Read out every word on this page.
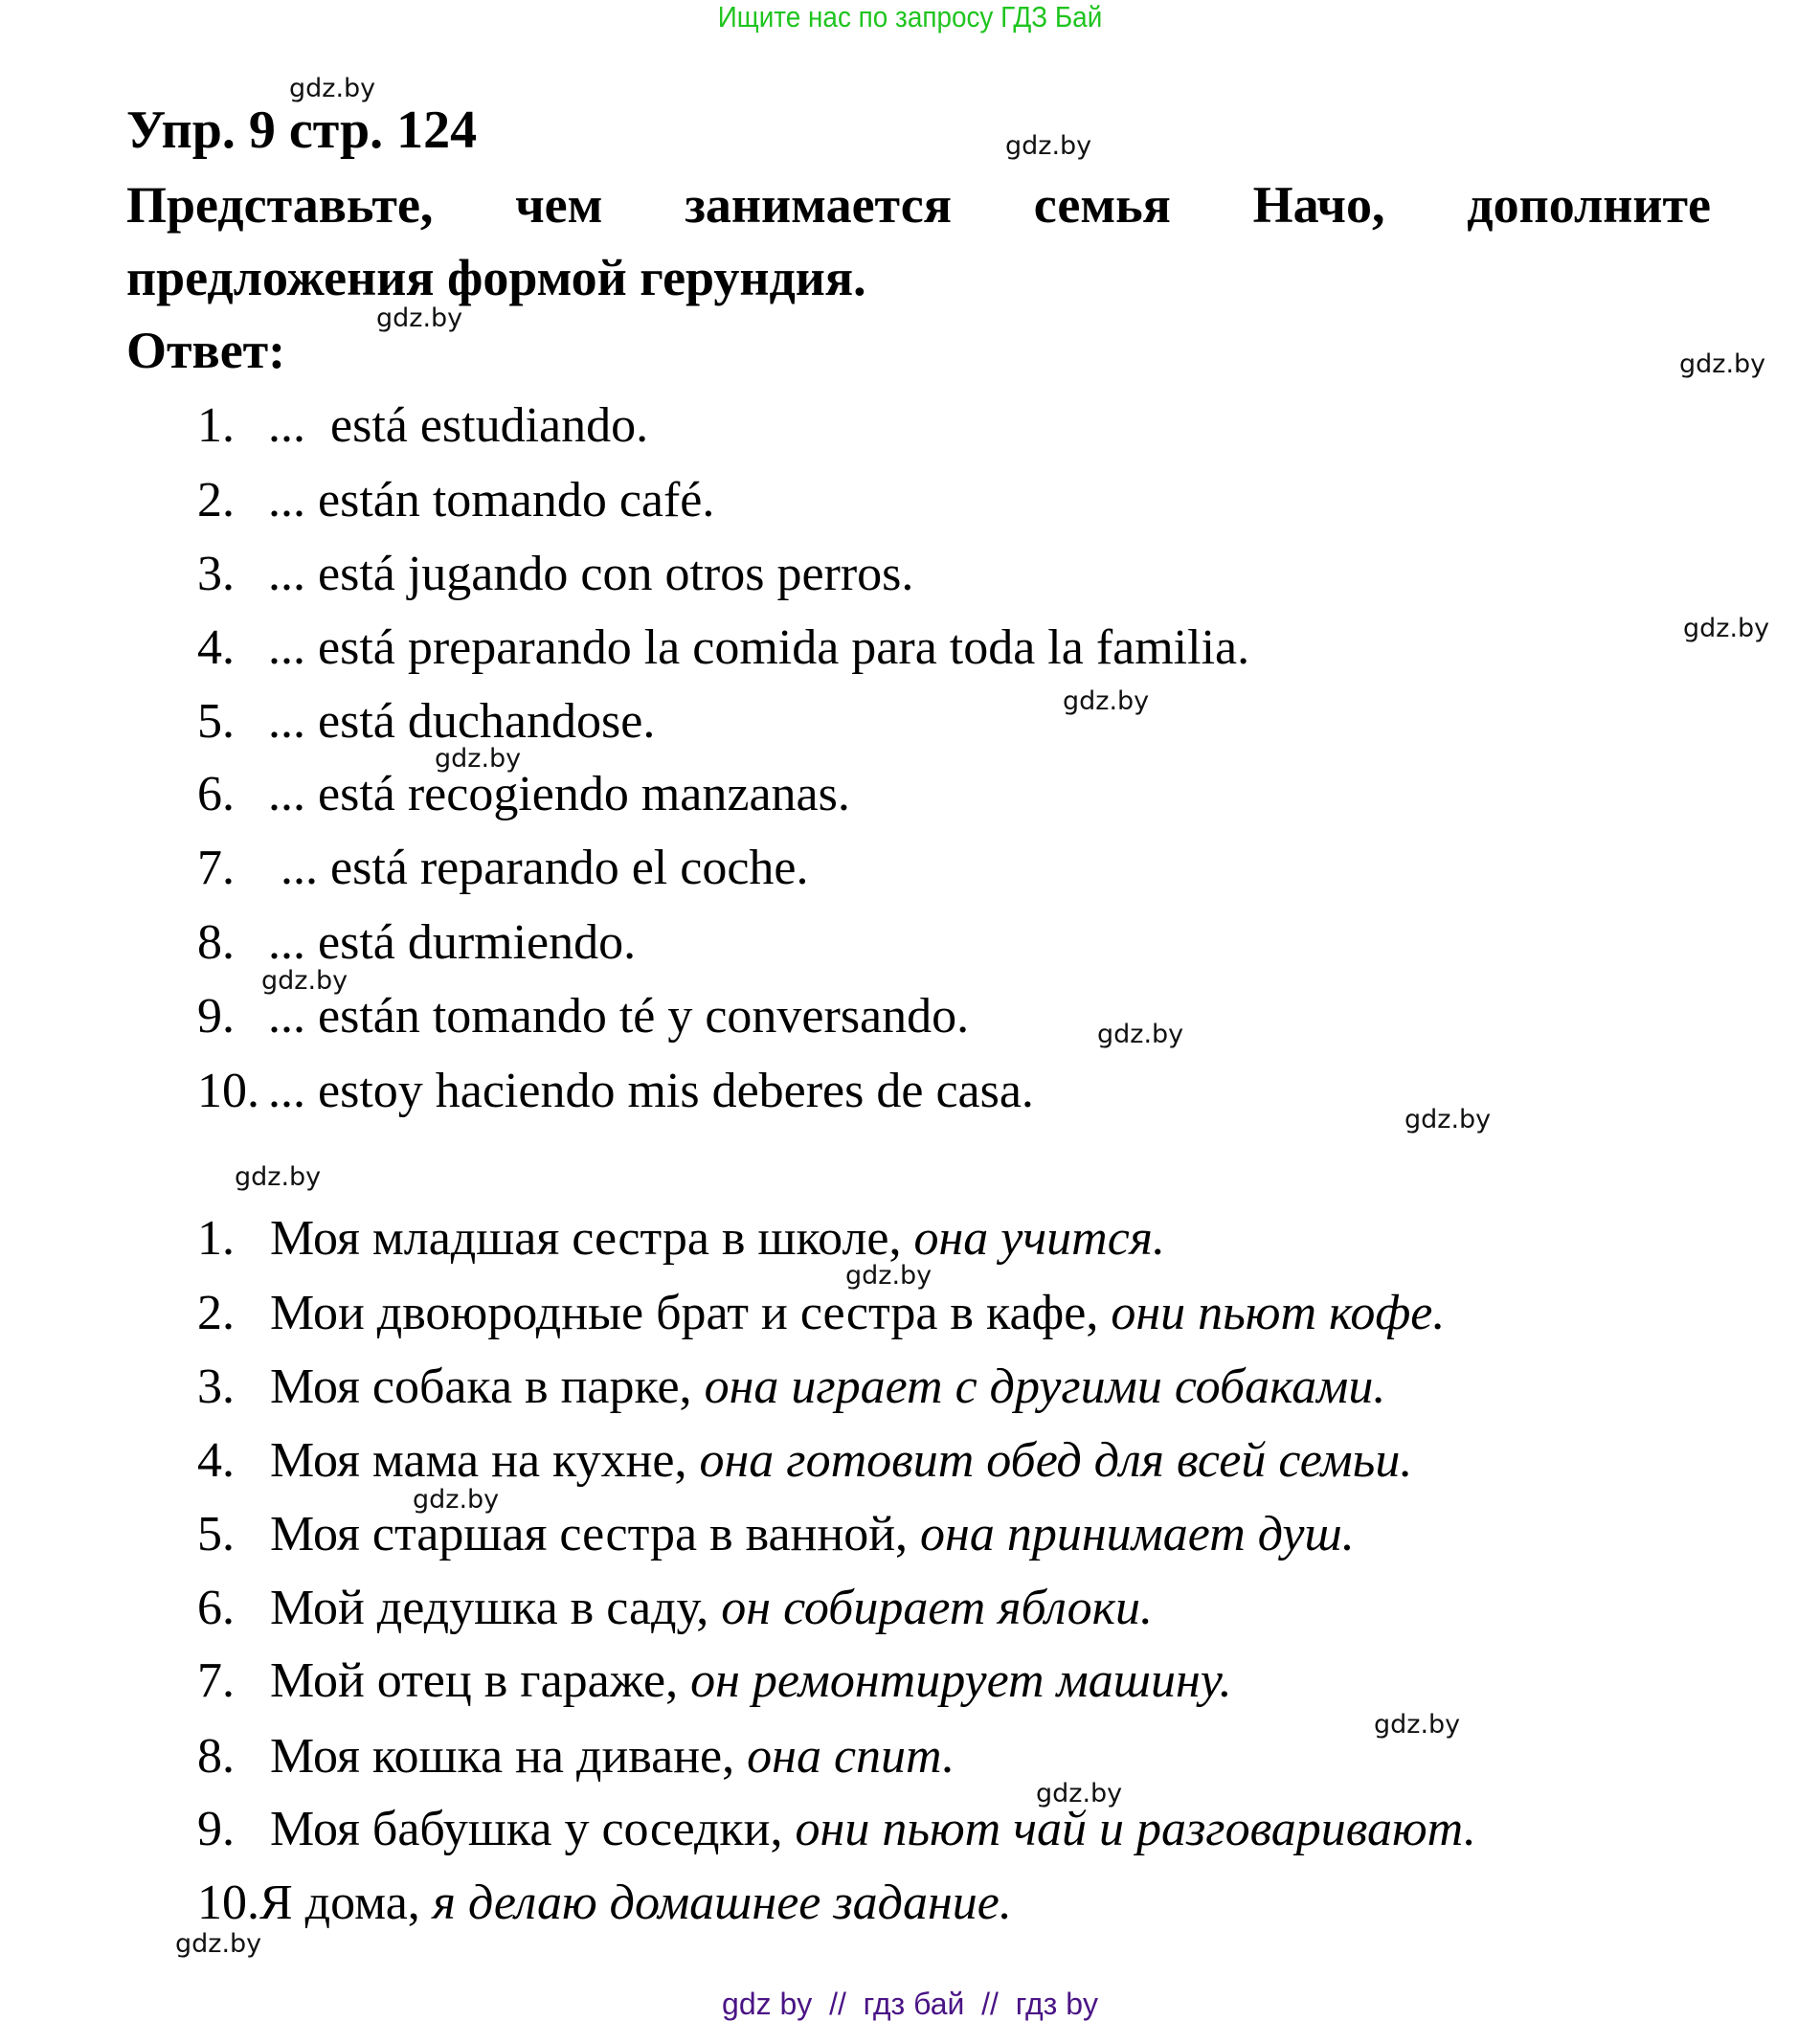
Ищите нас по запросу ГДЗ Бай
Упр. 9 стр. 124
Представьте, чем занимается семья Начо, дополните
предложения формой герундия.
Ответ:
1. ...  está estudiando.
2. ... están tomando café.
3. ... está jugando con otros perros.
4. ... está preparando la comida para toda la familia.
5. ... está duchandose.
6. ... está recogiendo manzanas.
7. ... está reparando el coche.
8. ... está durmiendo.
9. ... están tomando té y conversando.
10. ... estoy haciendo mis deberes de casa.
1. Моя младшая сестра в школе, она учится.
2. Мои двоюродные брат и сестра в кафе, они пьют кофе.
3. Моя собака в парке, она играет с другими собаками.
4. Моя мама на кухне, она готовит обед для всей семьи.
5. Моя старшая сестра в ванной, она принимает душ.
6. Мой дедушка в саду, он собирает яблоки.
7. Мой отец в гараже, он ремонтирует машину.
8. Моя кошка на диване, она спит.
9. Моя бабушка у соседки, они пьют чай и разговаривают.
10.Я дома, я делаю домашнее задание.
gdz.by
gdz.by
gdz.by
gdz.by
gdz.by
gdz.by
gdz.by
gdz.by
gdz.by
gdz.by
gdz.by
gdz.by
gdz.by
gdz.by
gdz.by
gdz.by
gdz by  //  гдз бай  //  гдз by
